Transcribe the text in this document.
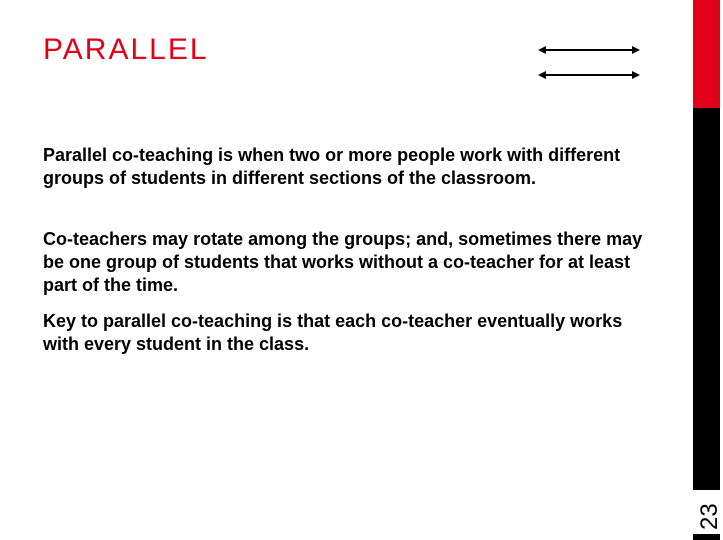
PARALLEL

Parallel co-teaching is when two or more people work with different groups of students in different sections of the classroom.

Co-teachers may rotate among the groups; and, sometimes there may be one group of students that works without a co-teacher for at least part of the time.

Key to parallel co-teaching is that each co-teacher eventually works with every student in the class.

23
